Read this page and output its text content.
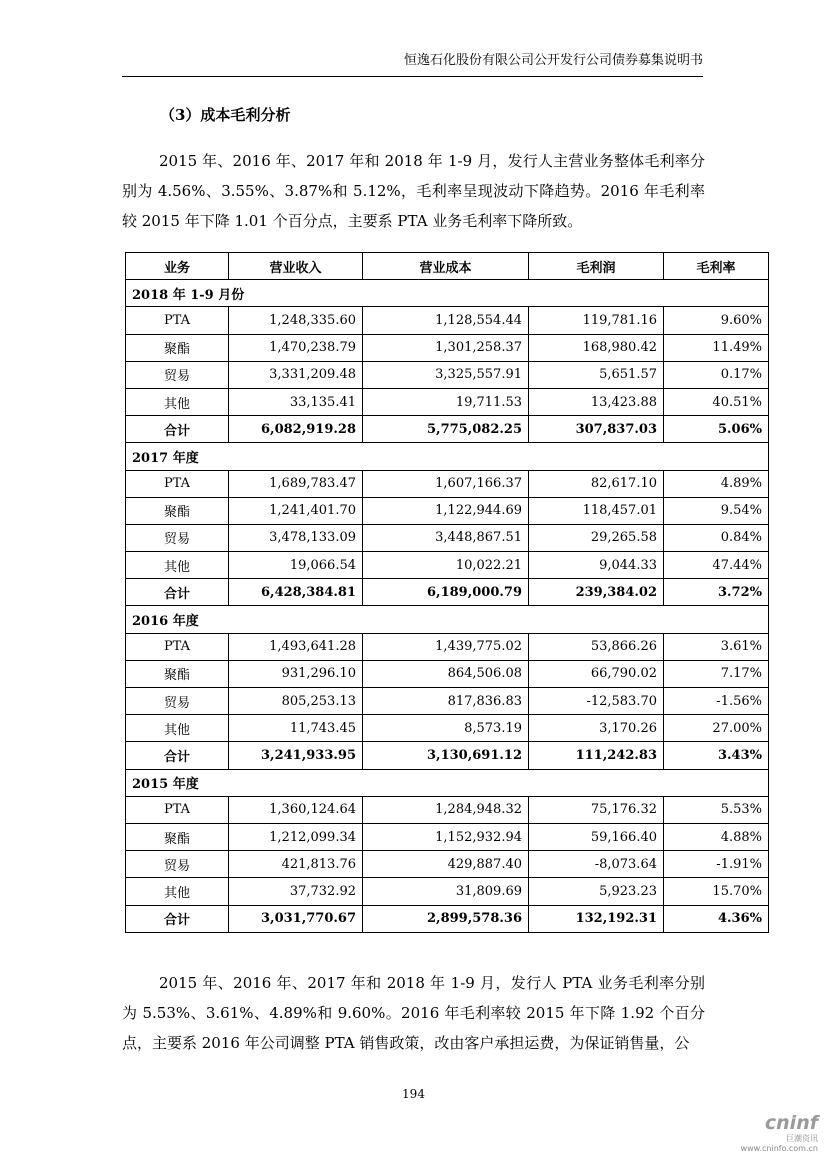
恒逸石化股份有限公司公开发行公司债券募集说明书
（3）成本毛利分析

2015 年、2016 年、2017 年和 2018 年 1-9 月，发行人主营业务整体毛利率分别为 4.56%、3.55%、3.87%和 5.12%，毛利率呈现波动下降趋势。2016 年毛利率较 2015 年下降 1.01 个百分点，主要系 PTA 业务毛利率下降所致。

业务	营业收入	营业成本	毛利润	毛利率
2018 年 1-9 月份				
PTA	1,248,335.60	1,128,554.44	119,781.16	9.60%
聚酯	1,470,238.79	1,301,258.37	168,980.42	11.49%
贸易	3,331,209.48	3,325,557.91	5,651.57	0.17%
其他	33,135.41	19,711.53	13,423.88	40.51%
合计	6,082,919.28	5,775,082.25	307,837.03	5.06%
2017 年度				
PTA	1,689,783.47	1,607,166.37	82,617.10	4.89%
聚酯	1,241,401.70	1,122,944.69	118,457.01	9.54%
贸易	3,478,133.09	3,448,867.51	29,265.58	0.84%
其他	19,066.54	10,022.21	9,044.33	47.44%
合计	6,428,384.81	6,189,000.79	239,384.02	3.72%
2016 年度				
PTA	1,493,641.28	1,439,775.02	53,866.26	3.61%
聚酯	931,296.10	864,506.08	66,790.02	7.17%
贸易	805,253.13	817,836.83	-12,583.70	-1.56%
其他	11,743.45	8,573.19	3,170.26	27.00%
合计	3,241,933.95	3,130,691.12	111,242.83	3.43%
2015 年度				
PTA	1,360,124.64	1,284,948.32	75,176.32	5.53%
聚酯	1,212,099.34	1,152,932.94	59,166.40	4.88%
贸易	421,813.76	429,887.40	-8,073.64	-1.91%
其他	37,732.92	31,809.69	5,923.23	15.70%
合计	3,031,770.67	2,899,578.36	132,192.31	4.36%

2015 年、2016 年、2017 年和 2018 年 1-9 月，发行人 PTA 业务毛利率分别为 5.53%、3.61%、4.89%和 9.60%。2016 年毛利率较 2015 年下降 1.92 个百分点，主要系 2016 年公司调整 PTA 销售政策，改由客户承担运费，为保证销售量，公

194
cninf
巨潮资讯
www.cninfo.com.cn
